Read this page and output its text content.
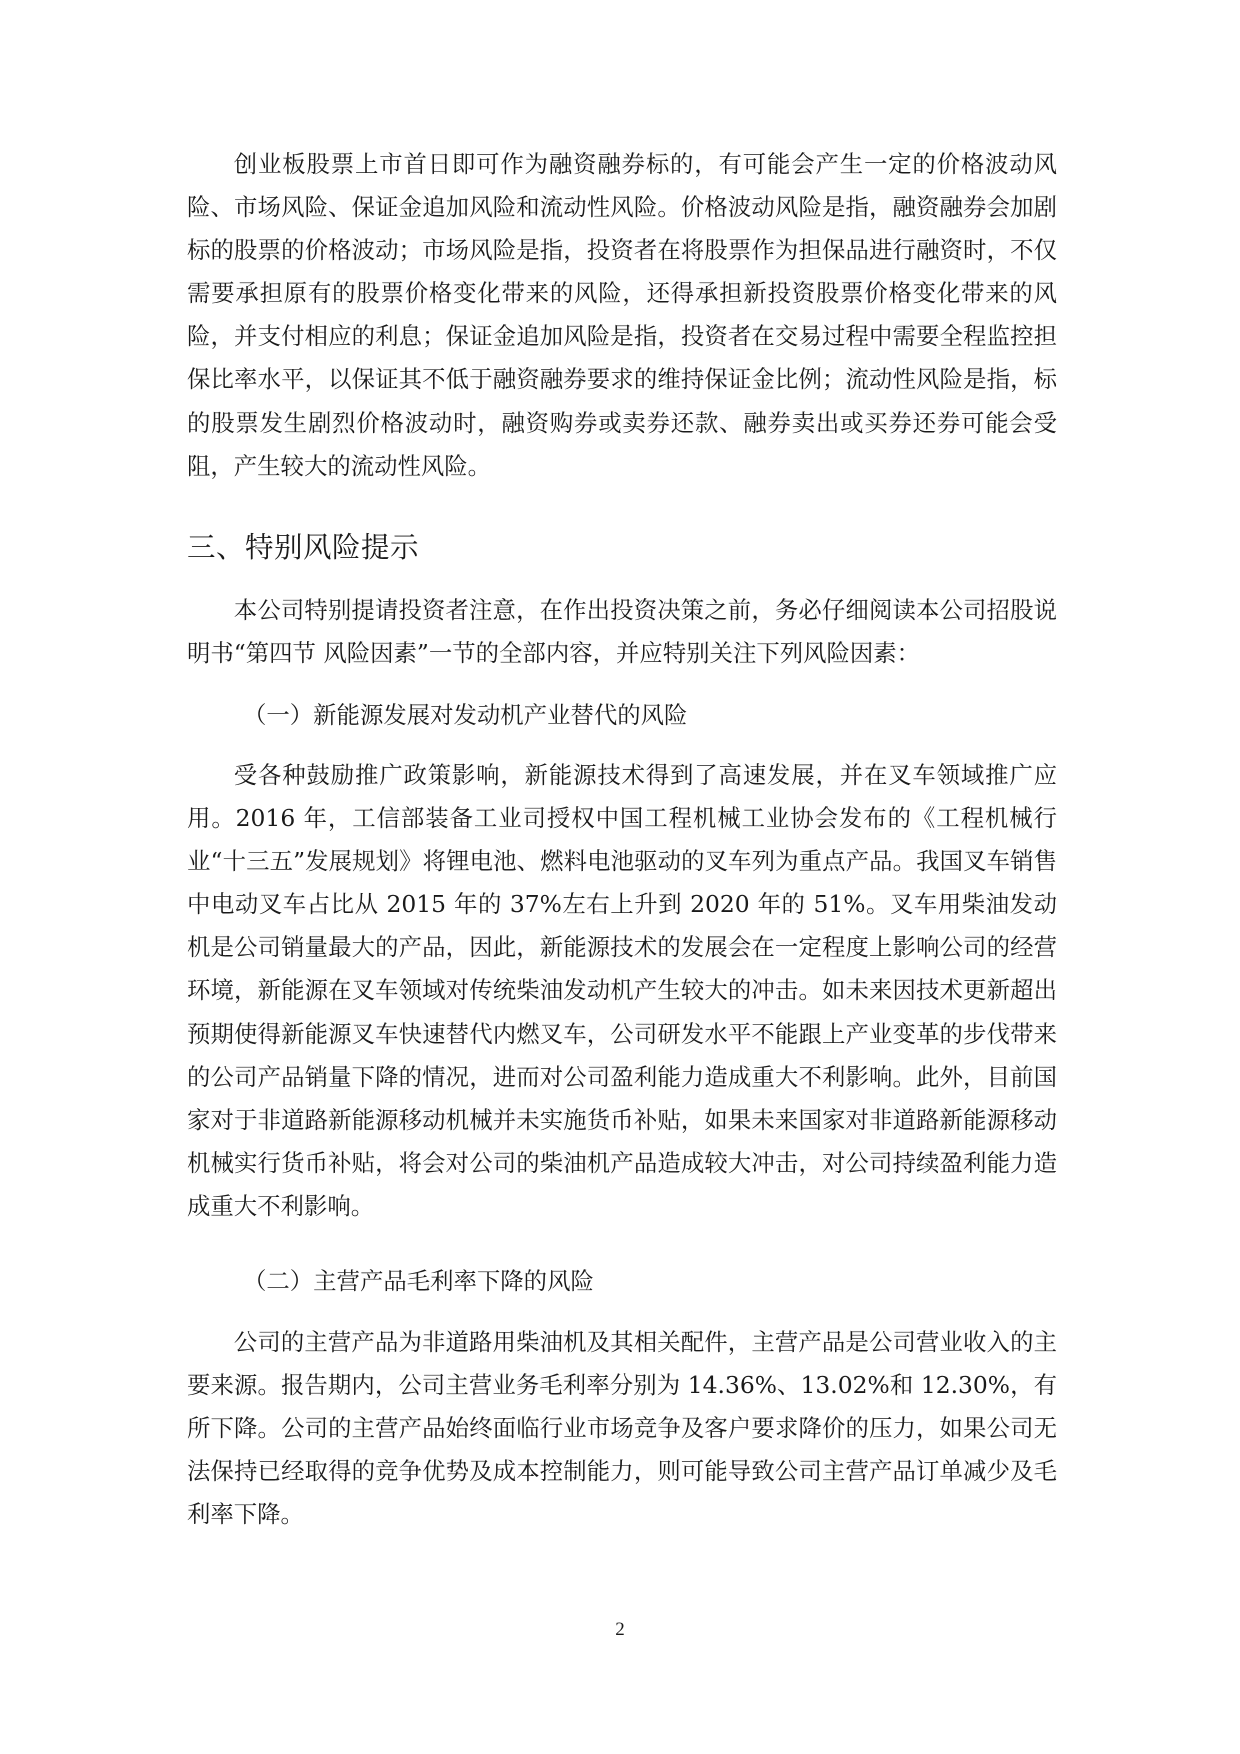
创业板股票上市首日即可作为融资融券标的，有可能会产生一定的价格波动风险、市场风险、保证金追加风险和流动性风险。价格波动风险是指，融资融券会加剧标的股票的价格波动；市场风险是指，投资者在将股票作为担保品进行融资时，不仅需要承担原有的股票价格变化带来的风险，还得承担新投资股票价格变化带来的风险，并支付相应的利息；保证金追加风险是指，投资者在交易过程中需要全程监控担保比率水平，以保证其不低于融资融券要求的维持保证金比例；流动性风险是指，标的股票发生剧烈价格波动时，融资购券或卖券还款、融券卖出或买券还券可能会受阻，产生较大的流动性风险。

三、特别风险提示

本公司特别提请投资者注意，在作出投资决策之前，务必仔细阅读本公司招股说明书“第四节 风险因素”一节的全部内容，并应特别关注下列风险因素：

（一）新能源发展对发动机产业替代的风险

受各种鼓励推广政策影响，新能源技术得到了高速发展，并在叉车领域推广应用。2016 年，工信部装备工业司授权中国工程机械工业协会发布的《工程机械行业“十三五”发展规划》将锂电池、燃料电池驱动的叉车列为重点产品。我国叉车销售中电动叉车占比从 2015 年的 37%左右上升到 2020 年的 51%。叉车用柴油发动机是公司销量最大的产品，因此，新能源技术的发展会在一定程度上影响公司的经营环境，新能源在叉车领域对传统柴油发动机产生较大的冲击。如未来因技术更新超出预期使得新能源叉车快速替代内燃叉车，公司研发水平不能跟上产业变革的步伐带来的公司产品销量下降的情况，进而对公司盈利能力造成重大不利影响。此外，目前国家对于非道路新能源移动机械并未实施货币补贴，如果未来国家对非道路新能源移动机械实行货币补贴，将会对公司的柴油机产品造成较大冲击，对公司持续盈利能力造成重大不利影响。

（二）主营产品毛利率下降的风险

公司的主营产品为非道路用柴油机及其相关配件，主营产品是公司营业收入的主要来源。报告期内，公司主营业务毛利率分别为 14.36%、13.02%和 12.30%，有所下降。公司的主营产品始终面临行业市场竞争及客户要求降价的压力，如果公司无法保持已经取得的竞争优势及成本控制能力，则可能导致公司主营产品订单减少及毛利率下降。

2
